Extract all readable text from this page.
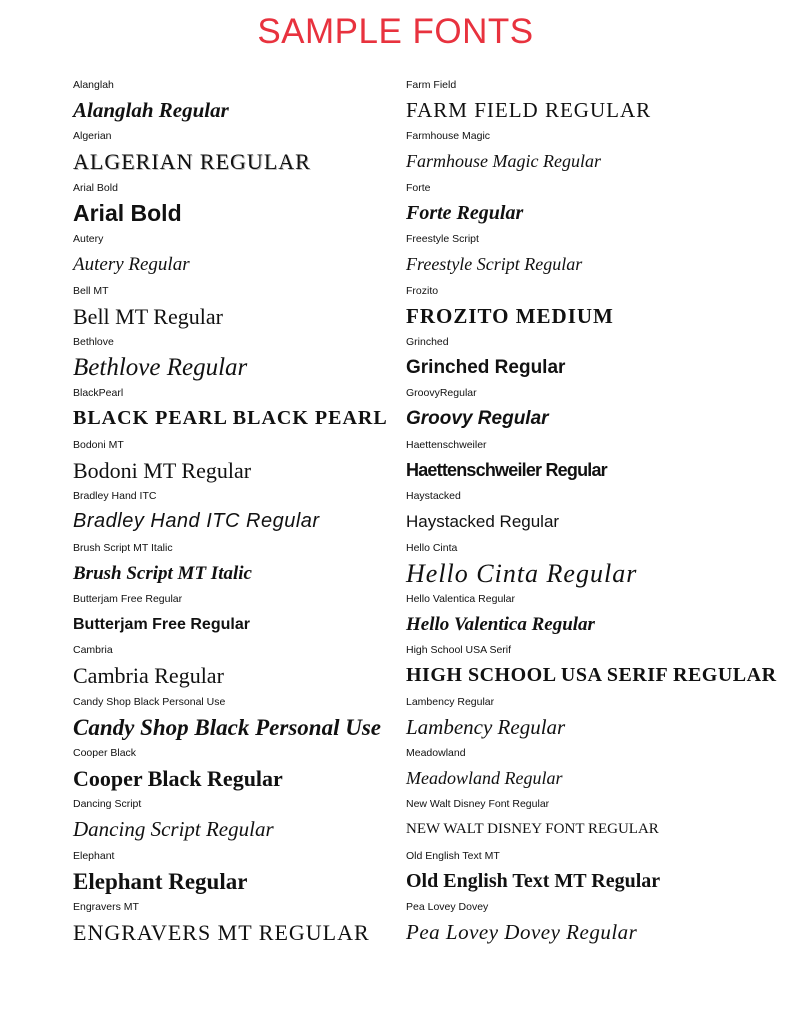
SAMPLE FONTS
Alanglah
Alanglah Regular
Algerian
ALGERIAN REGULAR
Arial Bold
Arial Bold
Autery
Autery Regular
Bell MT
Bell MT Regular
Bethlove
Bethlove Regular
BlackPearl
BLACK PEARL BLACK PEARL
Bodoni MT
Bodoni MT Regular
Bradley Hand ITC
Bradley Hand ITC Regular
Brush Script MT Italic
Brush Script MT Italic
Butterjam Free Regular
Butterjam Free Regular
Cambria
Cambria Regular
Candy Shop Black Personal Use
Candy Shop Black Personal Use
Cooper Black
Cooper Black Regular
Dancing Script
Dancing Script Regular
Elephant
Elephant Regular
Engravers MT
ENGRAVERS MT REGULAR
Farm Field
FARM FIELD REGULAR
Farmhouse Magic
Farmhouse Magic Regular
Forte
Forte Regular
Freestyle Script
Freestyle Script Regular
Frozito
FROZITO MEDIUM
Grinched
Grinched Regular
GroovyRegular
Groovy Regular
Haettenschweiler
Haettenschweiler Regular
Haystacked
Haystacked Regular
Hello Cinta
Hello Cinta Regular
Hello Valentica Regular
Hello Valentica Regular
High School USA Serif
HIGH SCHOOL USA SERIF REGULAR
Lambency Regular
Lambency Regular
Meadowland
Meadowland Regular
New Walt Disney Font Regular
NEW WALT DISNEY FONT REGULAR
Old English Text MT
Old English Text MT Regular
Pea Lovey Dovey
Pea Lovey Dovey Regular
